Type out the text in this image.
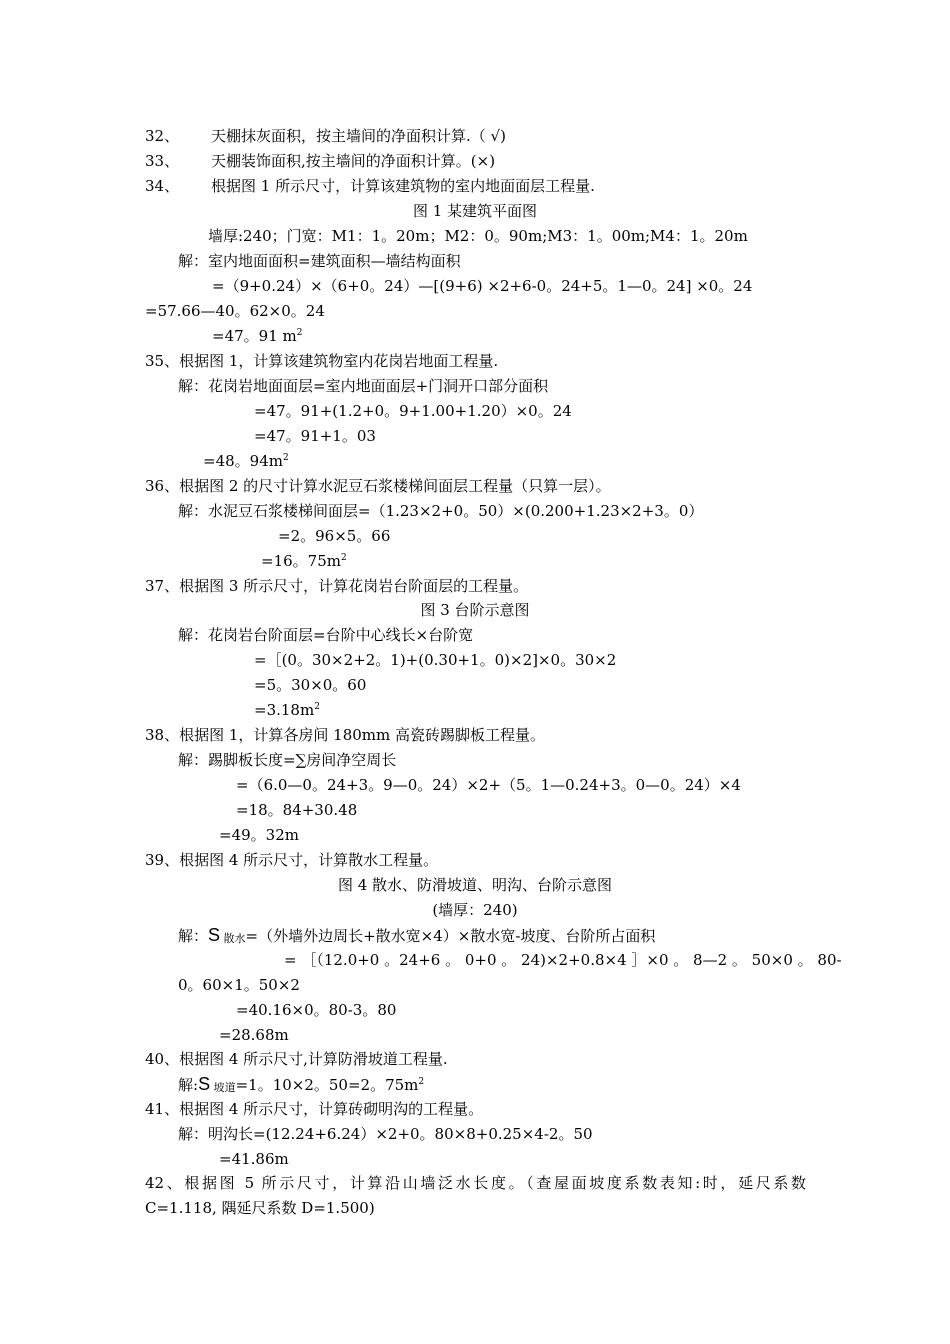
32、 天棚抹灰面积，按主墙间的净面积计算.（ √)
33、 天棚装饰面积,按主墙间的净面积计算。(×)
34、 根据图 1 所示尺寸，计算该建筑物的室内地面面层工程量.
图 1 某建筑平面图
墙厚:240；门宽：M1：1。20m；M2：0。90m;M3：1。00m;M4：1。20m
解：室内地面面积=建筑面积—墙结构面积
=（9+0.24）×（6+0。24）—[(9+6) ×2+6-0。24+5。1—0。24] ×0。24
=57.66—40。62×0。24
=47。91 $m^2$
35、根据图 1，计算该建筑物室内花岗岩地面工程量.
解：花岗岩地面面层=室内地面面层+门洞开口部分面积
=47。91+(1.2+0。9+1.00+1.20）×0。24
=47。91+1。03
=48。$94m^2$
36、根据图 2 的尺寸计算水泥豆石浆楼梯间面层工程量（只算一层）。
解：水泥豆石浆楼梯间面层=（1.23×2+0。50）×(0.200+1.23×2+3。0）
=2。96×5。66
=16。$75m^2$
37、根据图 3 所示尺寸，计算花岗岩台阶面层的工程量。
图 3 台阶示意图
解：花岗岩台阶面层=台阶中心线长×台阶宽
=［(0。30×2+2。1)+(0.30+1。0)×2]×0。30×2
=5。30×0。60
$=3.18m^2$
38、根据图 1，计算各房间 180mm 高瓷砖踢脚板工程量。
解：踢脚板长度=∑房间净空周长
=（6.0—0。24+3。9—0。24）×2+（5。1—0.24+3。0—0。24）×4
=18。84+30.48
=49。32m
39、根据图 4 所示尺寸，计算散水工程量。
图 4 散水、防滑坡道、明沟、台阶示意图
(墙厚：240)
解：S $_{散水}$=（外墙外边周长+散水宽×4）×散水宽-坡度、台阶所占面积
= ［（12.0+0 。24+6 。 0+0 。 24)×2+0.8×4 ］×0 。 8—2 。 50×0 。 80-
0。60×1。50×2
=40.16×0。80-3。80
=28.68m
40、根据图 4 所示尺寸,计算防滑坡道工程量.
解:S $_{坡道}$=1。10×2。50=2。$75m^2$
41、根据图 4 所示尺寸，计算砖砌明沟的工程量。
解：明沟长=(12.24+6.24）×2+0。80×8+0.25×4-2。50
=41.86m
42、根据图 5 所示尺寸，计算沿山墙泛水长度。（查屋面坡度系数表知:时，延尺系数
C=1.118, 隅延尺系数 D=1.500)
